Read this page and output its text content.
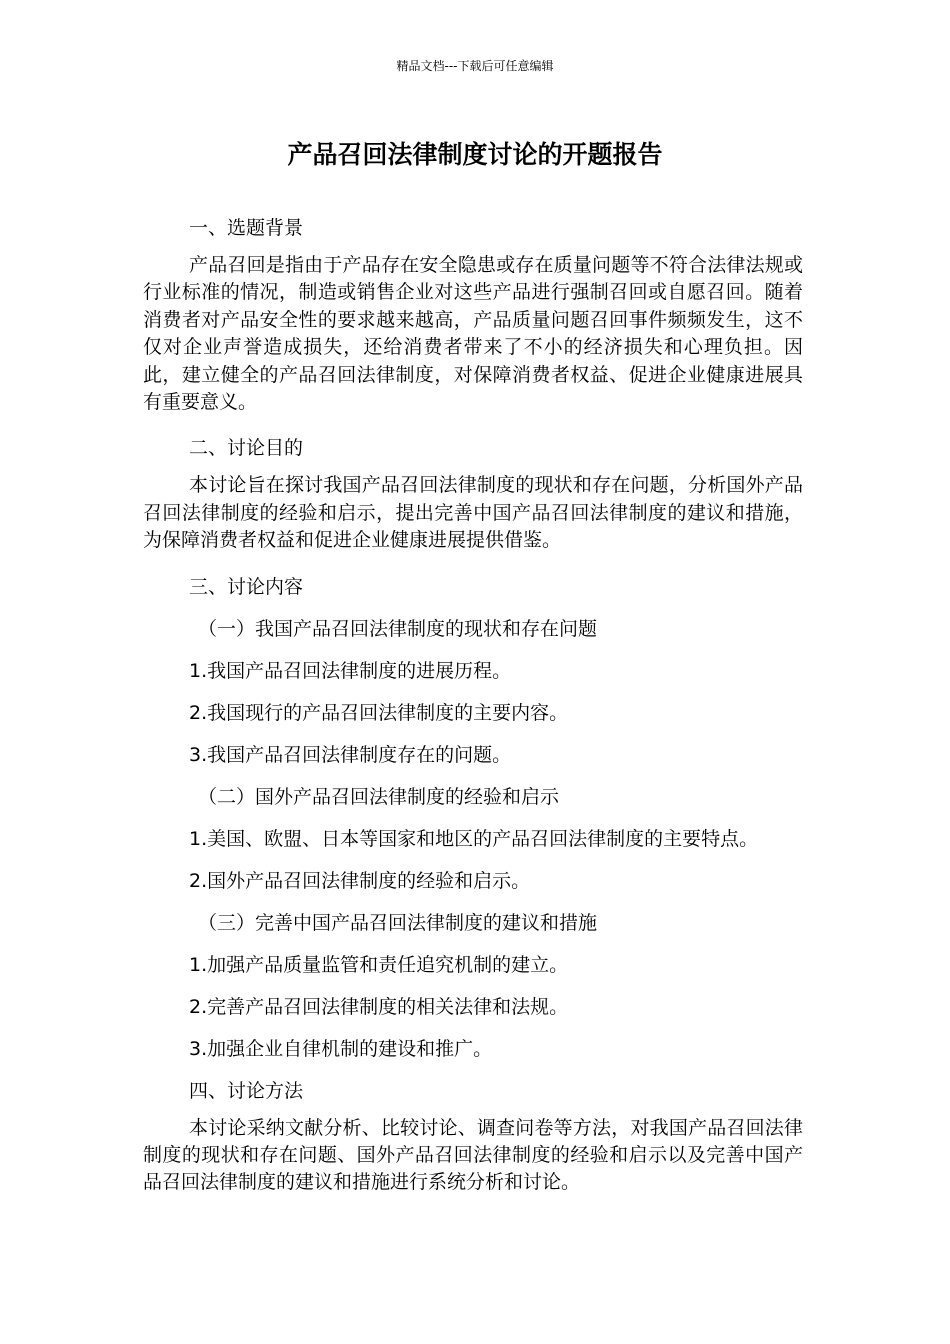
精品文档---下载后可任意编辑
产品召回法律制度讨论的开题报告
一、选题背景

产品召回是指由于产品存在安全隐患或存在质量问题等不符合法律法规或行业标准的情况，制造或销售企业对这些产品进行强制召回或自愿召回。随着消费者对产品安全性的要求越来越高，产品质量问题召回事件频频发生，这不仅对企业声誉造成损失，还给消费者带来了不小的经济损失和心理负担。因此，建立健全的产品召回法律制度，对保障消费者权益、促进企业健康进展具有重要意义。

二、讨论目的

本讨论旨在探讨我国产品召回法律制度的现状和存在问题，分析国外产品召回法律制度的经验和启示，提出完善中国产品召回法律制度的建议和措施，为保障消费者权益和促进企业健康进展提供借鉴。

三、讨论内容
（一）我国产品召回法律制度的现状和存在问题
1.我国产品召回法律制度的进展历程。
2.我国现行的产品召回法律制度的主要内容。
3.我国产品召回法律制度存在的问题。
（二）国外产品召回法律制度的经验和启示
1.美国、欧盟、日本等国家和地区的产品召回法律制度的主要特点。
2.国外产品召回法律制度的经验和启示。
（三）完善中国产品召回法律制度的建议和措施
1.加强产品质量监管和责任追究机制的建立。
2.完善产品召回法律制度的相关法律和法规。
3.加强企业自律机制的建设和推广。
四、讨论方法

本讨论采纳文献分析、比较讨论、调查问卷等方法，对我国产品召回法律制度的现状和存在问题、国外产品召回法律制度的经验和启示以及完善中国产品召回法律制度的建议和措施进行系统分析和讨论。
